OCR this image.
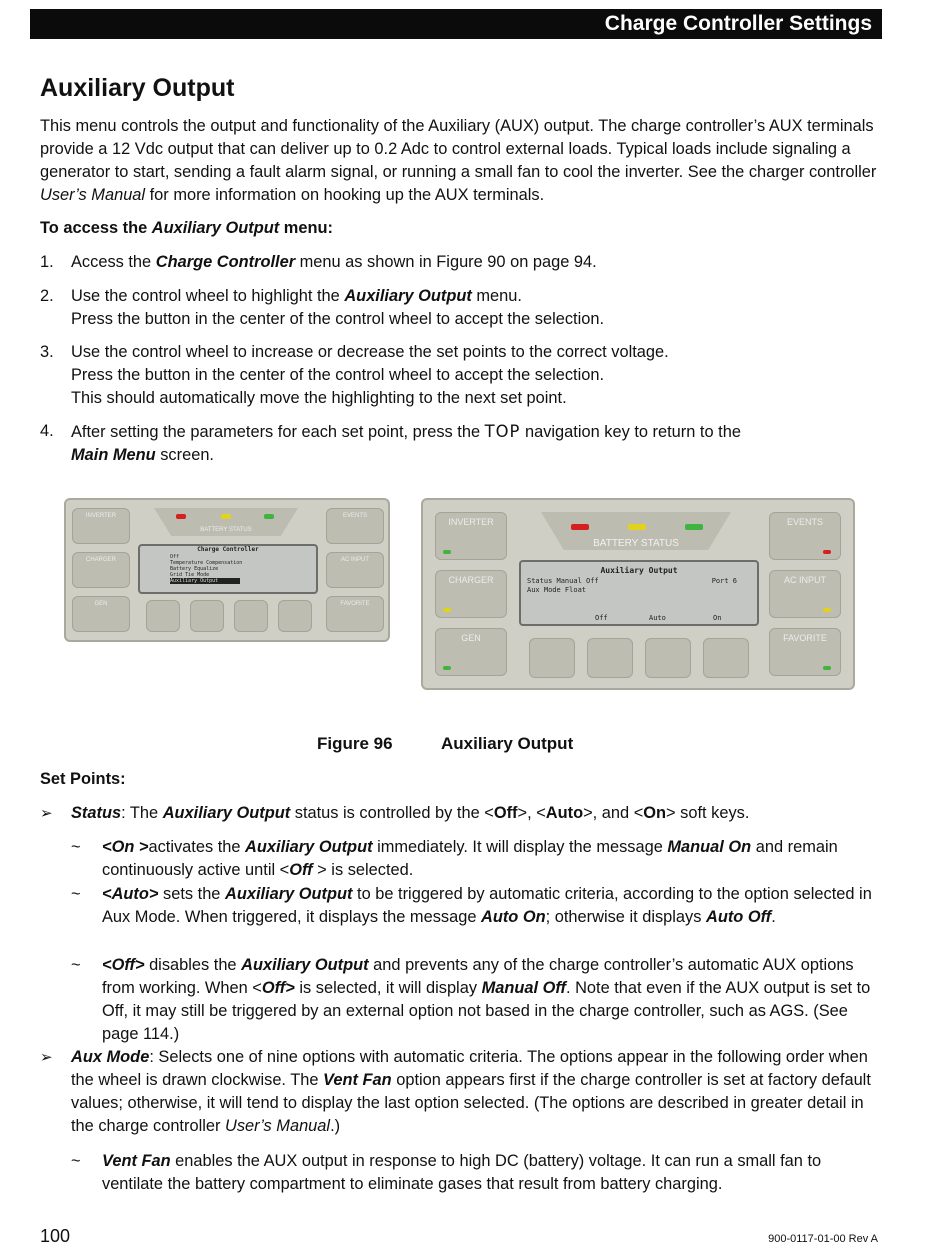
Charge Controller Settings
Auxiliary Output

This menu controls the output and functionality of the Auxiliary (AUX) output. The charge controller’s AUX terminals provide a 12 Vdc output that can deliver up to 0.2 Adc to control external loads. Typical loads include signaling a generator to start, sending a fault alarm signal, or running a small fan to cool the inverter. See the charger controller User’s Manual for more information on hooking up the AUX terminals.

To access the Auxiliary Output menu:

1. Access the Charge Controller menu as shown in Figure 90 on page 94.
2. Use the control wheel to highlight the Auxiliary Output menu.
Press the button in the center of the control wheel to accept the selection.
3. Use the control wheel to increase or decrease the set points to the correct voltage.
Press the button in the center of the control wheel to accept the selection.
This should automatically move the highlighting to the next set point.
4. After setting the parameters for each set point, press the TOP navigation key to return to the
Main Menu screen.
BATTERY STATUS
INVERTER
CHARGER
GEN
EVENTS
AC INPUT
FAVORITE
Charge Controller
Off
Temperature Compensation
Battery Equalize
Grid Tie Mode
Auxiliary Output
BATTERY STATUS
INVERTER
CHARGER
GEN
EVENTS
AC INPUT
FAVORITE
Auxiliary Output
Status Manual Off	Port 6
Aux Mode Float
Off	Auto	On
Figure 96	Auxiliary Output

Set Points:

➢ Status: The Auxiliary Output status is controlled by the <Off>, <Auto>, and <On> soft keys.
~ <On >activates the Auxiliary Output immediately. It will display the message Manual On and remain continuously active until <Off > is selected.
~ <Auto> sets the Auxiliary Output to be triggered by automatic criteria, according to the option selected in Aux Mode. When triggered, it displays the message Auto On; otherwise it displays Auto Off.
~ <Off> disables the Auxiliary Output and prevents any of the charge controller’s automatic AUX options from working. When <Off> is selected, it will display Manual Off. Note that even if the AUX output is set to Off, it may still be triggered by an external option not based in the charge controller, such as AGS. (See page 114.)
➢ Aux Mode: Selects one of nine options with automatic criteria. The options appear in the following order when the wheel is drawn clockwise. The Vent Fan option appears first if the charge controller is set at factory default values; otherwise, it will tend to display the last option selected. (The options are described in greater detail in the charge controller User’s Manual.)
~ Vent Fan enables the AUX output in response to high DC (battery) voltage. It can run a small fan to ventilate the battery compartment to eliminate gases that result from battery charging.
100	900-0117-01-00 Rev A
